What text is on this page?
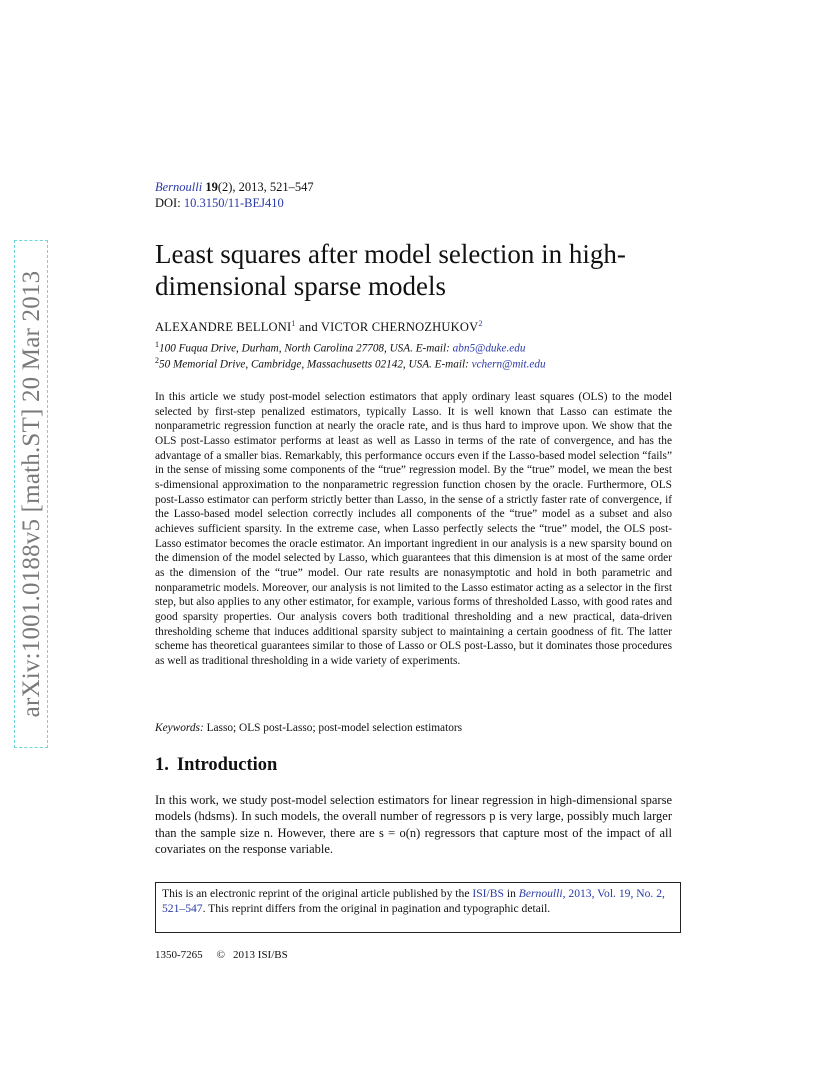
arXiv:1001.0188v5 [math.ST] 20 Mar 2013
Bernoulli 19(2), 2013, 521–547
DOI: 10.3150/11-BEJ410
Least squares after model selection in high-dimensional sparse models
ALEXANDRE BELLONI$^1$ and VICTOR CHERNOZHUKOV$^2$
$^1$100 Fuqua Drive, Durham, North Carolina 27708, USA. E-mail: abn5@duke.edu
$^2$50 Memorial Drive, Cambridge, Massachusetts 02142, USA. E-mail: vchern@mit.edu

In this article we study post-model selection estimators that apply ordinary least squares (OLS) to the model selected by first-step penalized estimators, typically Lasso. It is well known that Lasso can estimate the nonparametric regression function at nearly the oracle rate, and is thus hard to improve upon. We show that the OLS post-Lasso estimator performs at least as well as Lasso in terms of the rate of convergence, and has the advantage of a smaller bias. Remarkably, this performance occurs even if the Lasso-based model selection “fails” in the sense of missing some components of the “true” regression model. By the “true” model, we mean the best s-dimensional approximation to the nonparametric regression function chosen by the oracle. Furthermore, OLS post-Lasso estimator can perform strictly better than Lasso, in the sense of a strictly faster rate of convergence, if the Lasso-based model selection correctly includes all components of the “true” model as a subset and also achieves sufficient sparsity. In the extreme case, when Lasso perfectly selects the “true” model, the OLS post-Lasso estimator becomes the oracle estimator. An important ingredient in our analysis is a new sparsity bound on the dimension of the model selected by Lasso, which guarantees that this dimension is at most of the same order as the dimension of the “true” model. Our rate results are nonasymptotic and hold in both parametric and nonparametric models. Moreover, our analysis is not limited to the Lasso estimator acting as a selector in the first step, but also applies to any other estimator, for example, various forms of thresholded Lasso, with good rates and good sparsity properties. Our analysis covers both traditional thresholding and a new practical, data-driven thresholding scheme that induces additional sparsity subject to maintaining a certain goodness of fit. The latter scheme has theoretical guarantees similar to those of Lasso or OLS post-Lasso, but it dominates those procedures as well as traditional thresholding in a wide variety of experiments.

Keywords: Lasso; OLS post-Lasso; post-model selection estimators
1. Introduction

In this work, we study post-model selection estimators for linear regression in high-dimensional sparse models (hdsms). In such models, the overall number of regressors p is very large, possibly much larger than the sample size n. However, there are s = o(n) regressors that capture most of the impact of all covariates on the response variable.

This is an electronic reprint of the original article published by the ISI/BS in Bernoulli, 2013, Vol. 19, No. 2, 521–547. This reprint differs from the original in pagination and typographic detail.
1350-7265 © 2013 ISI/BS
